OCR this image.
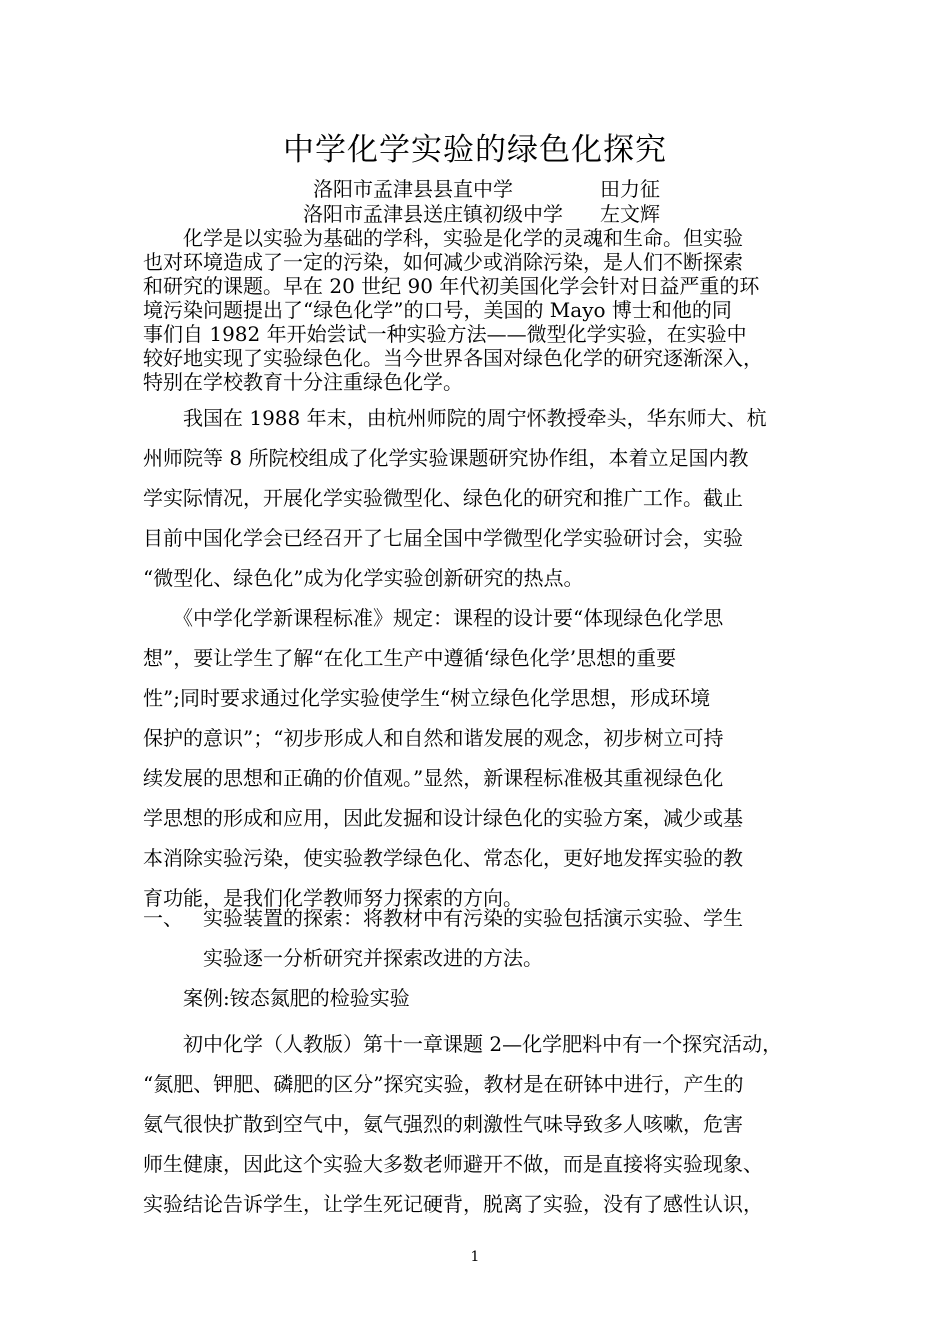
中学化学实验的绿色化探究
洛阳市孟津县县直中学	田力征
洛阳市孟津县送庄镇初级中学 左文辉
　　化学是以实验为基础的学科，实验是化学的灵魂和生命。但实验
也对环境造成了一定的污染，如何减少或消除污染，是人们不断探索
和研究的课题。早在 20 世纪 90 年代初美国化学会针对日益严重的环
境污染问题提出了“绿色化学”的口号，美国的 Mayo 博士和他的同
事们自 1982 年开始尝试一种实验方法——微型化学实验，在实验中
较好地实现了实验绿色化。当今世界各国对绿色化学的研究逐渐深入，
特别在学校教育十分注重绿色化学。
　　我国在 1988 年末，由杭州师院的周宁怀教授牵头，华东师大、杭
州师院等 8 所院校组成了化学实验课题研究协作组，本着立足国内教
学实际情况，开展化学实验微型化、绿色化的研究和推广工作。截止
目前中国化学会已经召开了七届全国中学微型化学实验研讨会，实验
“微型化、绿色化”成为化学实验创新研究的热点。
　　《中学化学新课程标准》规定：课程的设计要“体现绿色化学思
想”，要让学生了解“在化工生产中遵循‘绿色化学’思想的重要
性”;同时要求通过化学实验使学生“树立绿色化学思想，形成环境
保护的意识”；“初步形成人和自然和谐发展的观念，初步树立可持
续发展的思想和正确的价值观。”显然，新课程标准极其重视绿色化
学思想的形成和应用，因此发掘和设计绿色化的实验方案，减少或基
本消除实验污染，使实验教学绿色化、常态化，更好地发挥实验的教
育功能，是我们化学教师努力探索的方向。
一、 实验装置的探索：将教材中有污染的实验包括演示实验、学生
实验逐一分析研究并探索改进的方法。
　　案例:铵态氮肥的检验实验
　　初中化学（人教版）第十一章课题 2—化学肥料中有一个探究活动，
“氮肥、钾肥、磷肥的区分”探究实验，教材是在研钵中进行，产生的
氨气很快扩散到空气中，氨气强烈的刺激性气味导致多人咳嗽，危害
师生健康，因此这个实验大多数老师避开不做，而是直接将实验现象、
实验结论告诉学生，让学生死记硬背，脱离了实验，没有了感性认识，
1
